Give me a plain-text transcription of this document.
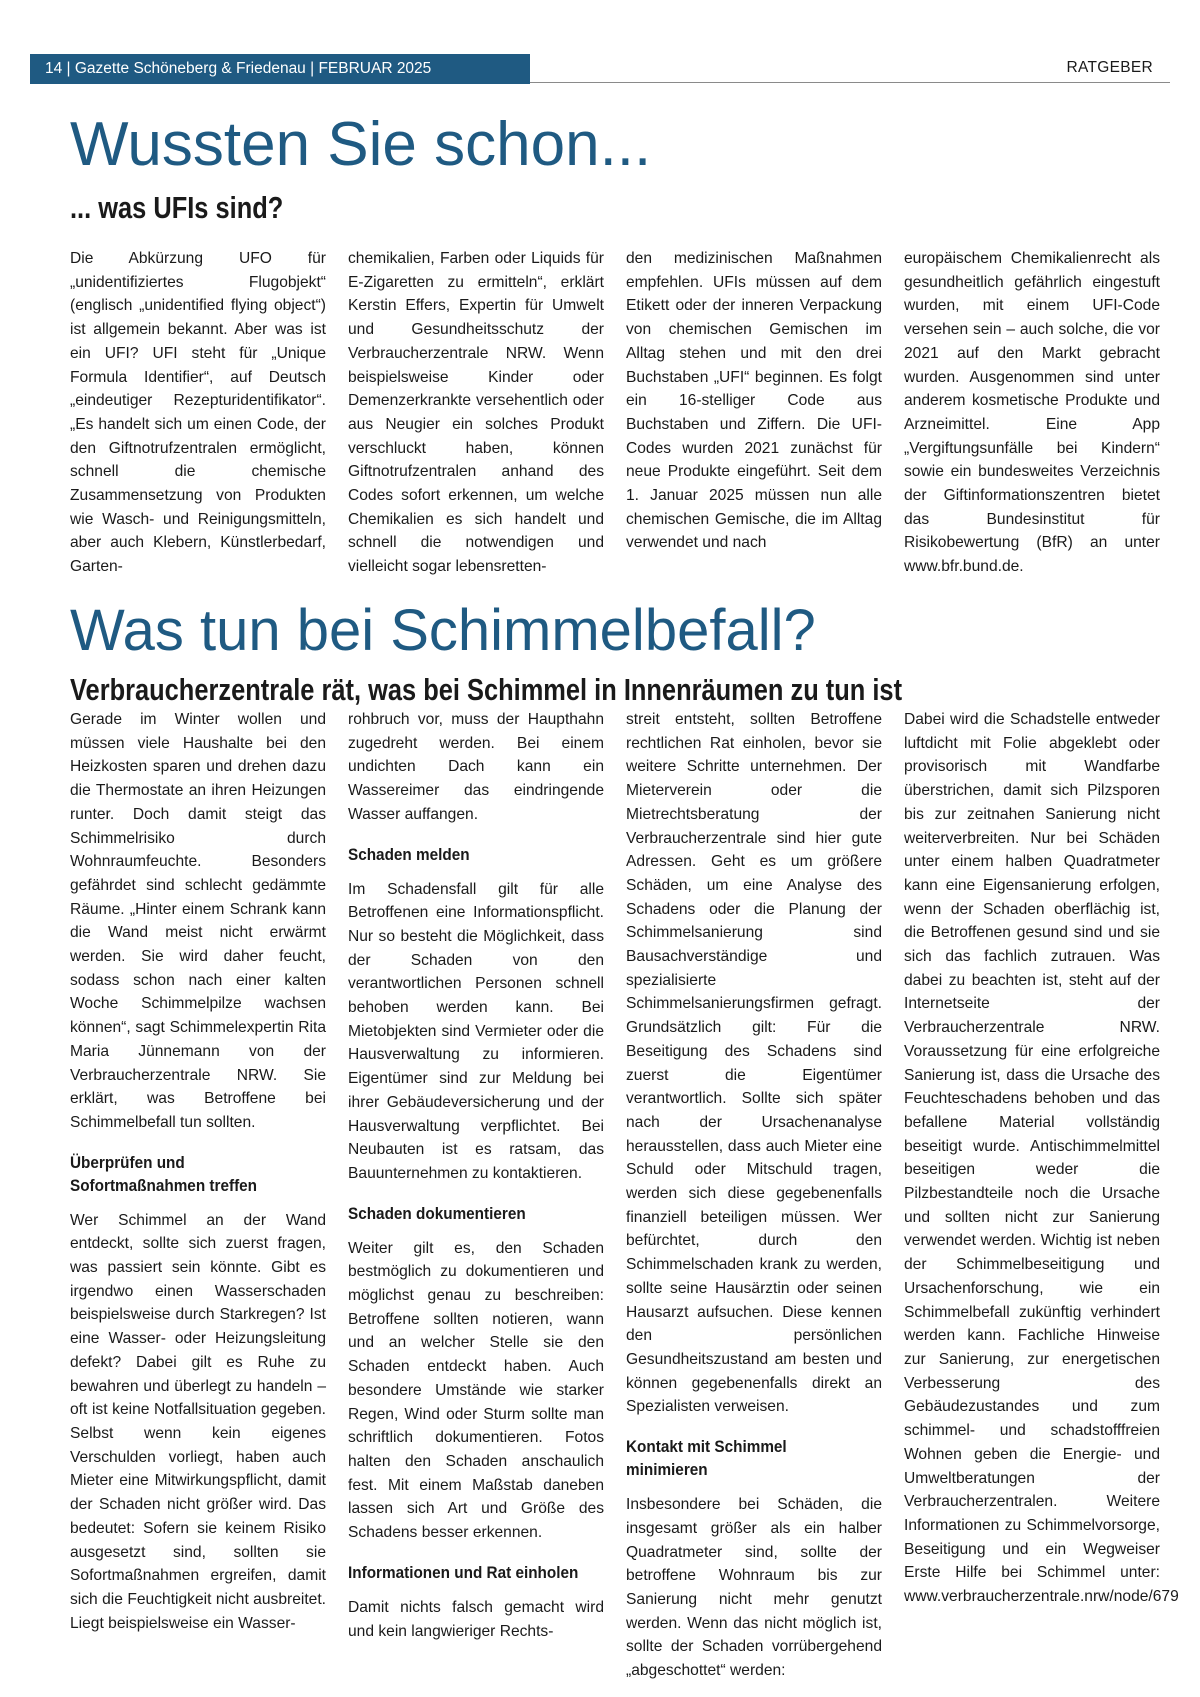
14 | Gazette Schöneberg & Friedenau | FEBRUAR 2025	RATGEBER
Wussten Sie schon...
... was UFIs sind?

Die Abkürzung UFO für „unidentifiziertes Flugobjekt“ (englisch „unidentified flying object“) ist allgemein bekannt. Aber was ist ein UFI? UFI steht für „Unique Formula Identifier“, auf Deutsch „eindeutiger Rezepturidentifikator“. „Es handelt sich um einen Code, der den Giftnotrufzentralen ermöglicht, schnell die chemische Zusammensetzung von Produkten wie Wasch- und Reinigungsmitteln, aber auch Klebern, Künstlerbedarf, Garten-

chemikalien, Farben oder Liquids für E-Zigaretten zu ermitteln“, erklärt Kerstin Effers, Expertin für Umwelt und Gesundheitsschutz der Verbraucherzentrale NRW. Wenn beispielsweise Kinder oder Demenzerkrankte versehentlich oder aus Neugier ein solches Produkt verschluckt haben, können Giftnotrufzentralen anhand des Codes sofort erkennen, um welche Chemikalien es sich handelt und schnell die notwendigen und vielleicht sogar lebensretten-

den medizinischen Maßnahmen empfehlen. UFIs müssen auf dem Etikett oder der inneren Verpackung von chemischen Gemischen im Alltag stehen und mit den drei Buchstaben „UFI“ beginnen. Es folgt ein 16-stelliger Code aus Buchstaben und Ziffern. Die UFI-Codes wurden 2021 zunächst für neue Produkte eingeführt. Seit dem 1. Januar 2025 müssen nun alle chemischen Gemische, die im Alltag verwendet und nach

europäischem Chemikalienrecht als gesundheitlich gefährlich eingestuft wurden, mit einem UFI-Code versehen sein – auch solche, die vor 2021 auf den Markt gebracht wurden. Ausgenommen sind unter anderem kosmetische Produkte und Arzneimittel. Eine App „Vergiftungsunfälle bei Kindern“ sowie ein bundesweites Verzeichnis der Giftinformationszentren bietet das Bundesinstitut für Risikobewertung (BfR) an unter www.bfr.bund.de.

Was tun bei Schimmelbefall?
Verbraucherzentrale rät, was bei Schimmel in Innenräumen zu tun ist

Gerade im Winter wollen und müssen viele Haushalte bei den Heizkosten sparen und drehen dazu die Thermostate an ihren Heizungen runter. Doch damit steigt das Schimmelrisiko durch Wohnraumfeuchte. Besonders gefährdet sind schlecht gedämmte Räume. „Hinter einem Schrank kann die Wand meist nicht erwärmt werden. Sie wird daher feucht, sodass schon nach einer kalten Woche Schimmelpilze wachsen können“, sagt Schimmelexpertin Rita Maria Jünnemann von der Verbraucherzentrale NRW. Sie erklärt, was Betroffene bei Schimmelbefall tun sollten.

Überprüfen und Sofortmaßnahmen treffen

Wer Schimmel an der Wand entdeckt, sollte sich zuerst fragen, was passiert sein könnte. Gibt es irgendwo einen Wasserschaden beispielsweise durch Starkregen? Ist eine Wasser- oder Heizungsleitung defekt? Dabei gilt es Ruhe zu bewahren und überlegt zu handeln – oft ist keine Notfallsituation gegeben. Selbst wenn kein eigenes Verschulden vorliegt, haben auch Mieter eine Mitwirkungspflicht, damit der Schaden nicht größer wird. Das bedeutet: Sofern sie keinem Risiko ausgesetzt sind, sollten sie Sofortmaßnahmen ergreifen, damit sich die Feuchtigkeit nicht ausbreitet. Liegt beispielsweise ein Wasser-

rohbruch vor, muss der Haupthahn zugedreht werden. Bei einem undichten Dach kann ein Wassereimer das eindringende Wasser auffangen.

Schaden melden

Im Schadensfall gilt für alle Betroffenen eine Informationspflicht. Nur so besteht die Möglichkeit, dass der Schaden von den verantwortlichen Personen schnell behoben werden kann. Bei Mietobjekten sind Vermieter oder die Hausverwaltung zu informieren. Eigentümer sind zur Meldung bei ihrer Gebäudeversicherung und der Hausverwaltung verpflichtet. Bei Neubauten ist es ratsam, das Bauunternehmen zu kontaktieren.

Schaden dokumentieren

Weiter gilt es, den Schaden bestmöglich zu dokumentieren und möglichst genau zu beschreiben: Betroffene sollten notieren, wann und an welcher Stelle sie den Schaden entdeckt haben. Auch besondere Umstände wie starker Regen, Wind oder Sturm sollte man schriftlich dokumentieren. Fotos halten den Schaden anschaulich fest. Mit einem Maßstab daneben lassen sich Art und Größe des Schadens besser erkennen.

Informationen und Rat einholen

Damit nichts falsch gemacht wird und kein langwieriger Rechts-

streit entsteht, sollten Betroffene rechtlichen Rat einholen, bevor sie weitere Schritte unternehmen. Der Mieterverein oder die Mietrechtsberatung der Verbraucherzentrale sind hier gute Adressen. Geht es um größere Schäden, um eine Analyse des Schadens oder die Planung der Schimmelsanierung sind Bausachverständige und spezialisierte Schimmelsanierungsfirmen gefragt. Grundsätzlich gilt: Für die Beseitigung des Schadens sind zuerst die Eigentümer verantwortlich. Sollte sich später nach der Ursachenanalyse herausstellen, dass auch Mieter eine Schuld oder Mitschuld tragen, werden sich diese gegebenenfalls finanziell beteiligen müssen. Wer befürchtet, durch den Schimmelschaden krank zu werden, sollte seine Hausärztin oder seinen Hausarzt aufsuchen. Diese kennen den persönlichen Gesundheitszustand am besten und können gegebenenfalls direkt an Spezialisten verweisen.

Kontakt mit Schimmel minimieren

Insbesondere bei Schäden, die insgesamt größer als ein halber Quadratmeter sind, sollte der betroffene Wohnraum bis zur Sanierung nicht mehr genutzt werden. Wenn das nicht möglich ist, sollte der Schaden vorrübergehend „abgeschottet“ werden:

Dabei wird die Schadstelle entweder luftdicht mit Folie abgeklebt oder provisorisch mit Wandfarbe überstrichen, damit sich Pilzsporen bis zur zeitnahen Sanierung nicht weiterverbreiten. Nur bei Schäden unter einem halben Quadratmeter kann eine Eigensanierung erfolgen, wenn der Schaden oberflächig ist, die Betroffenen gesund sind und sie sich das fachlich zutrauen. Was dabei zu beachten ist, steht auf der Internetseite der Verbraucherzentrale NRW. Voraussetzung für eine erfolgreiche Sanierung ist, dass die Ursache des Feuchteschadens behoben und das befallene Material vollständig beseitigt wurde. Antischimmelmittel beseitigen weder die Pilzbestandteile noch die Ursache und sollten nicht zur Sanierung verwendet werden. Wichtig ist neben der Schimmelbeseitigung und Ursachenforschung, wie ein Schimmelbefall zukünftig verhindert werden kann. Fachliche Hinweise zur Sanierung, zur energetischen Verbesserung des Gebäudezustandes und zum schimmel- und schadstofffreien Wohnen geben die Energie- und Umweltberatungen der Verbraucherzentralen. Weitere Informationen zu Schimmelvorsorge, Beseitigung und ein Wegweiser Erste Hilfe bei Schimmel unter: www.verbraucherzentrale.nrw/node/679
